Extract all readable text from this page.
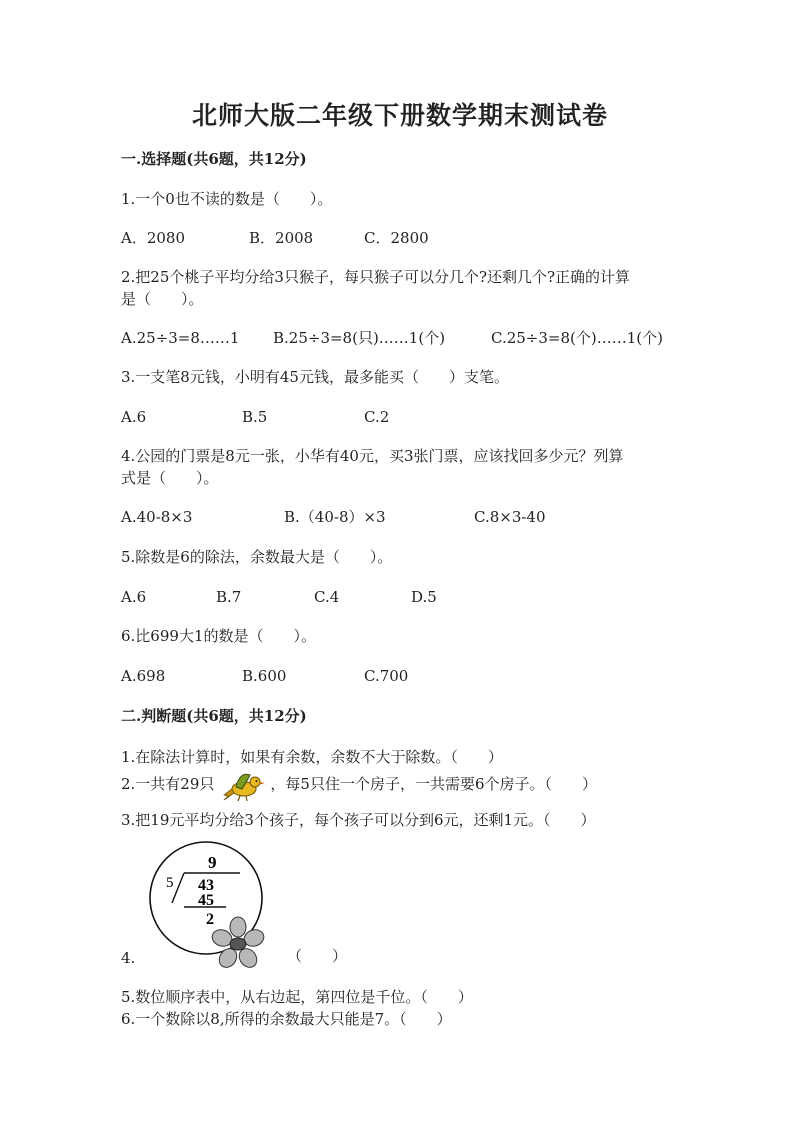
北师大版二年级下册数学期末测试卷
一.选择题(共6题，共12分)
1.一个0也不读的数是（　　）。
A．2080	B．2008	C．2800
2.把25个桃子平均分给3只猴子，每只猴子可以分几个?还剩几个?正确的计算
是（　　）。
A.25÷3=8……1 B.25÷3=8(只)……1(个)	C.25÷3=8(个)……1(个)
3.一支笔8元钱，小明有45元钱，最多能买（　　）支笔。
A.6	B.5	C.2
4.公园的门票是8元一张，小华有40元，买3张门票，应该找回多少元？列算
式是（　　）。
A.40-8×3	B.（40-8）×3	C.8×3-40
5.除数是6的除法，余数最大是（　　）。
A.6	B.7	C.4	D.5
6.比699大1的数是（　　）。
A.698	B.600	C.700
二.判断题(共6题，共12分)
1.在除法计算时，如果有余数，余数不大于除数。（　　）
2.一共有29只	，每5只住一个房子，一共需要6个房子。（　　）
3.把19元平均分给3个孩子，每个孩子可以分到6元，还剩1元。（　　）
9
5 43
45
2
4.	（　　）
5.数位顺序表中，从右边起，第四位是千位。（　　）
6.一个数除以8,所得的余数最大只能是7。（　　）
